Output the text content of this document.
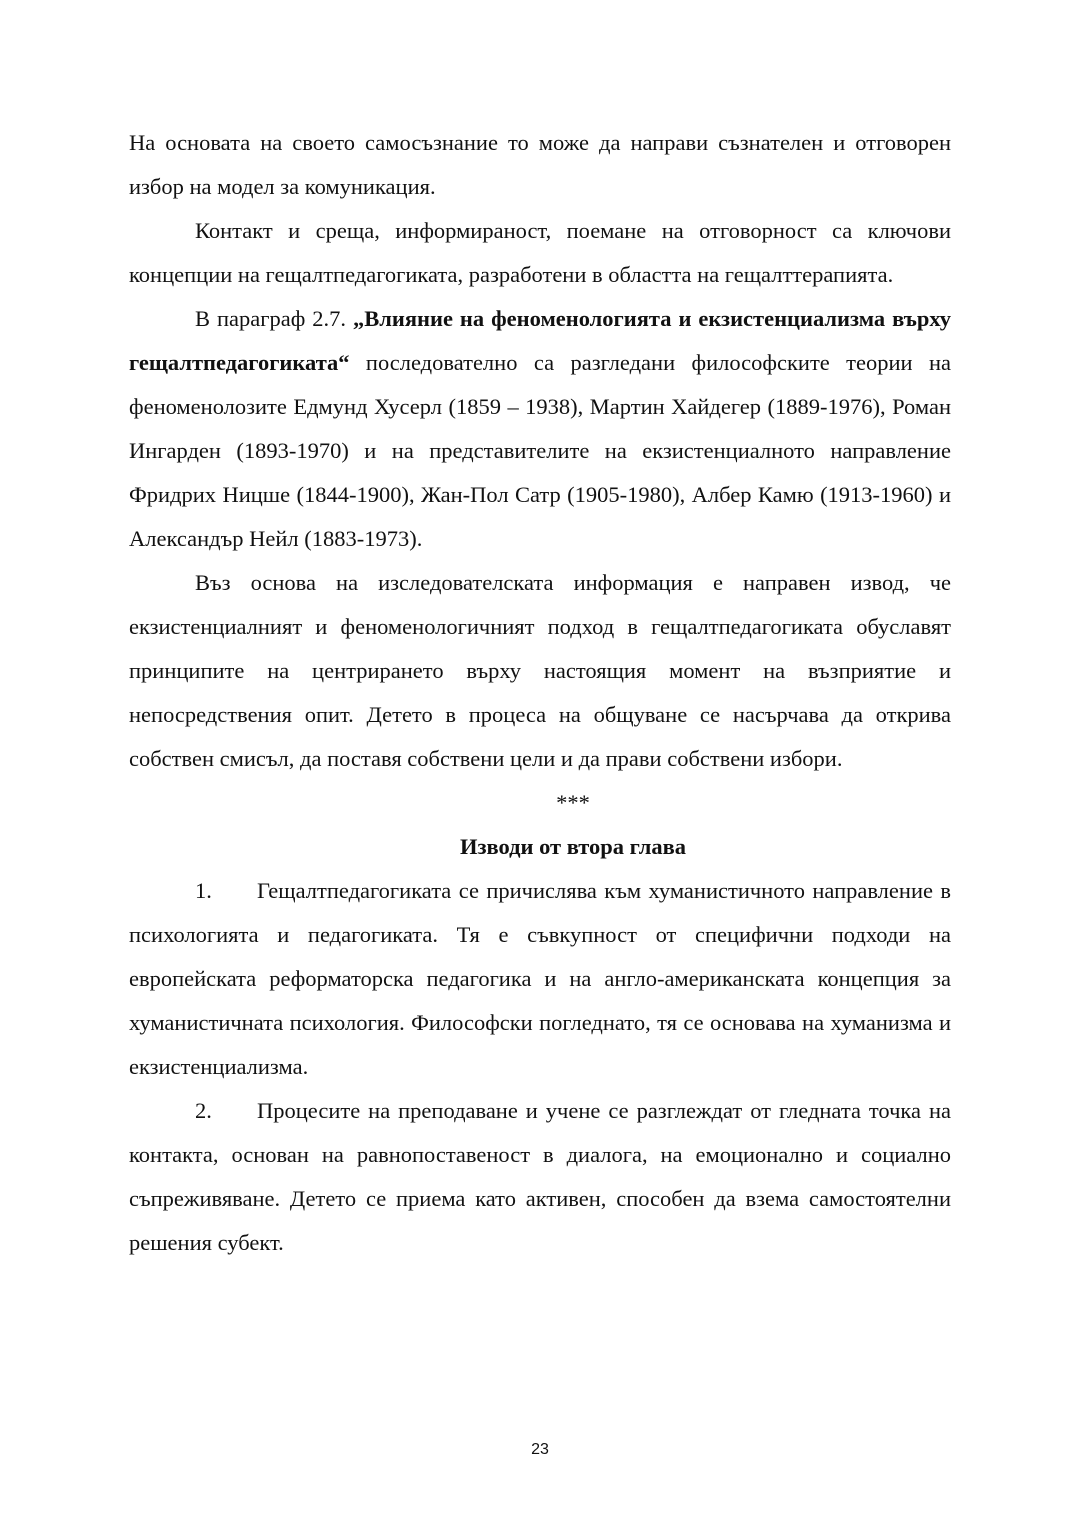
На основата на своето самосъзнание то може да направи съзнателен и отговорен избор на модел за комуникация.

Контакт и среща, информираност, поемане на отговорност са ключови концепции на гещалтпедагогиката, разработени в областта на гещалттерапията.

В параграф 2.7. „Влияние на феноменологията и екзистенциализма върху гещалтпедагогиката“ последователно са разгледани философските теории на феноменолозите Едмунд Хусерл (1859 – 1938), Мартин Хайдегер (1889-1976), Роман Ингарден (1893-1970) и на представителите на екзистенциалното направление Фридрих Ницше (1844-1900), Жан-Пол Сатр (1905-1980), Албер Камю (1913-1960) и Александър Нейл (1883-1973).

Въз основа на изследователската информация е направен извод, че екзистенциалният и феноменологичният подход в гещалтпедагогиката обуславят принципите на центрирането върху настоящия момент на възприятие и непосредствения опит. Детето в процеса на общуване се насърчава да открива собствен смисъл, да поставя собствени цели и да прави собствени избори.

***
Изводи от втора глава

1. Гещалтпедагогиката се причислява към хуманистичното направление в психологията и педагогиката. Тя е съвкупност от специфични подходи на европейската реформаторска педагогика и на англо-американската концепция за хуманистичната психология. Философски погледнато, тя се основава на хуманизма и екзистенциализма.

2. Процесите на преподаване и учене се разглеждат от гледната точка на контакта, основан на равнопоставеност в диалога, на емоционално и социално съпреживяване. Детето се приема като активен, способен да взема самостоятелни решения субект.

23
